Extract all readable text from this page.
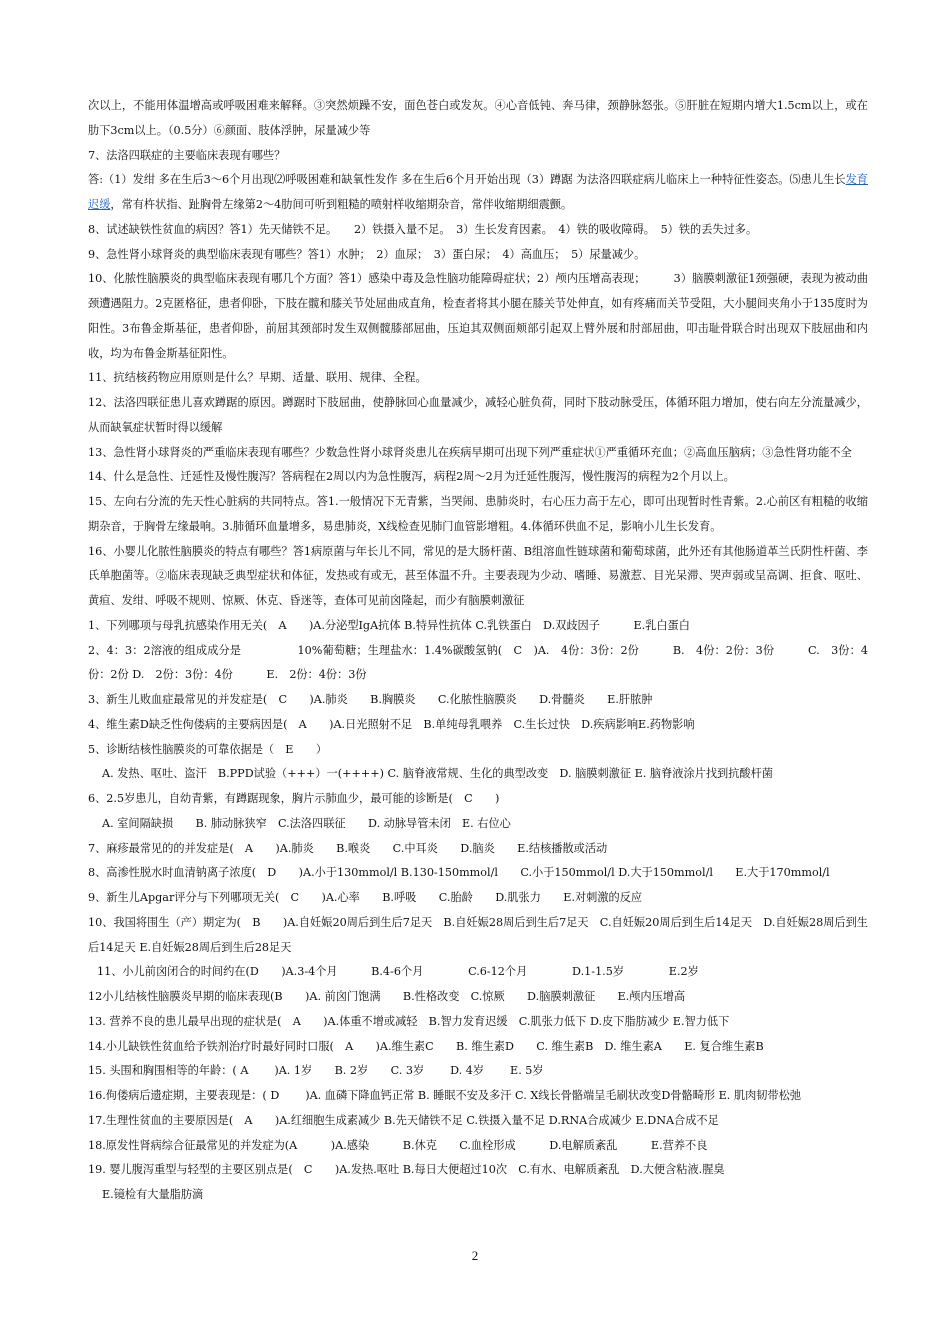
次以上，不能用体温增高或呼吸困难来解释。③突然烦躁不安，面色苍白或发灰。④心音低钝、奔马律，颈静脉怒张。⑤肝脏在短期内增大1.5cm以上，或在肋下3cm以上。（0.5分）⑥颜面、肢体浮肿，尿量减少等

7、法洛四联症的主要临床表现有哪些？

答:（1）发绀 多在生后3～6个月出现⑵呼吸困难和缺氧性发作 多在生后6个月开始出现（3）蹲踞 为法洛四联症病儿临床上一种特征性姿态。⑸患儿生长发育迟缓，常有杵状指、趾胸骨左缘第2～4肋间可听到粗糙的喷射样收缩期杂音，常伴收缩期细震颤。

8、试述缺铁性贫血的病因？答1）先天储铁不足。　　2）铁摄入量不足。　3）生长发育因素。　4）铁的吸收障碍。　5）铁的丢失过多。

9、急性肾小球肾炎的典型临床表现有哪些？答1）水肿；　2）血尿；　3）蛋白尿；　4）高血压；　5）尿量减少。

10、化脓性脑膜炎的典型临床表现有哪几个方面？答1）感染中毒及急性脑功能障碍症状；2）颅内压增高表现；　　　3）脑膜刺激征1颈强硬，表现为被动曲颈遭遇阻力。2克匿格征，患者仰卧，下肢在髋和膝关节处屈曲成直角，检查者将其小腿在膝关节处伸直，如有疼痛而关节受阻，大小腿间夹角小于135度时为阳性。3布鲁金斯基征，患者仰卧，前屈其颈部时发生双侧髋膝部屈曲，压迫其双侧面颊部引起双上臂外展和肘部屈曲，叩击耻骨联合时出现双下肢屈曲和内收，均为布鲁金斯基征阳性。

11、抗结核药物应用原则是什么？早期、适量、联用、规律、全程。

12、法洛四联征患儿喜欢蹲踞的原因。蹲踞时下肢屈曲，使静脉回心血量减少，减轻心脏负荷，同时下肢动脉受压，体循环阻力增加，使右向左分流量减少，从而缺氧症状暂时得以缓解

13、急性肾小球肾炎的严重临床表现有哪些？少数急性肾小球肾炎患儿在疾病早期可出现下列严重症状①严重循环充血；②高血压脑病；③急性肾功能不全

14、什么是急性、迁延性及慢性腹泻？答病程在2周以内为急性腹泻，病程2周～2月为迁延性腹泻，慢性腹泻的病程为2个月以上。

15、左向右分流的先天性心脏病的共同特点。答1.一般情况下无青紫，当哭闹、患肺炎时，右心压力高于左心，即可出现暂时性青紫。2.心前区有粗糙的收缩期杂音，于胸骨左缘最响。3.肺循环血量增多，易患肺炎，X线检查见肺门血管影增粗。4.体循环供血不足，影响小儿生长发育。

16、小婴儿化脓性脑膜炎的特点有哪些？答1病原菌与年长儿不同，常见的是大肠杆菌、B组溶血性链球菌和葡萄球菌，此外还有其他肠道革兰氏阴性杆菌、李氏单胞菌等。②临床表现缺乏典型症状和体征，发热或有或无，甚至体温不升。主要表现为少动、嗜睡、易激惹、目光呆滞、哭声弱或呈高调、拒食、呕吐、黄疸、发绀、呼吸不规则、惊厥、休克、昏迷等，查体可见前囟隆起，而少有脑膜刺激征

1、下列哪项与母乳抗感染作用无关(　A　　)A.分泌型IgA抗体 B.特异性抗体 C.乳铁蛋白　D.双歧因子　　　E.乳白蛋白

2、4：3：2溶液的组成成分是　　　　　10%葡萄糖；生理盐水：1.4%碳酸氢钠(　C　)A.　4份：3份：2份　　　B.　4份：2份：3份　　　C.　3份：4份：2份 D.　2份：3份：4份　　　E.　2份：4份：3份

3、新生儿败血症最常见的并发症是(　C　　)A.肺炎　　B.胸膜炎　　C.化脓性脑膜炎　　D.骨髓炎　　E.肝脓肿

4、维生素D缺乏性佝偻病的主要病因是(　A　　)A.日光照射不足　B.单纯母乳喂养　C.生长过快　D.疾病影响E.药物影响

5、诊断结核性脑膜炎的可靠依据是（　E　　）

A. 发热、呕吐、盗汗　B.PPD试验（+++）一(++++) C. 脑脊液常规、生化的典型改变　D. 脑膜刺激征 E. 脑脊液涂片找到抗酸杆菌

6、2.5岁患儿，自幼青紫，有蹲踞现象，胸片示肺血少，最可能的诊断是(　C　　)

A. 室间隔缺损　　B. 肺动脉狭窄　C.法洛四联征　　D. 动脉导管未闭　E. 右位心

7、麻疹最常见的的并发症是(　A　　)A.肺炎　　B.喉炎　　C.中耳炎　　D.脑炎　　E.结核播散或活动

8、高渗性脱水时血清钠离子浓度(　D　　)A.小于130mmol/l B.130-150mmol/l　　C.小于150mmol/l D.大于150mmol/l　　E.大于170mmol/l

9、新生儿Apgar评分与下列哪项无关(　C　　)A.心率　　B.呼吸　　C.胎龄　　D.肌张力　　E.对刺激的反应

10、我国将围生（产）期定为(　B　　)A.自妊娠20周后到生后7足天　B.自妊娠28周后到生后7足天　C.自妊娠20周后到生后14足天　D.自妊娠28周后到生后14足天 E.自妊娠28周后到生后28足天

11、小儿前囟闭合的时间约在(D　　)A.3-4个月　　　B.4-6个月　　　　C.6-12个月　　　　D.1-1.5岁　　　　E.2岁

12小儿结核性脑膜炎早期的临床表现(B　　)A. 前囟门饱满　　B.性格改变　C.惊厥　　D.脑膜刺激征　　E.颅内压增高

13. 营养不良的患儿最早出现的症状是(　A　　)A.体重不增或减轻　B.智力发育迟缓　C.肌张力低下 D.皮下脂肪减少 E.智力低下

14.小儿缺铁性贫血给予铁剂治疗时最好同时口服(　A　　)A.维生素C　　B. 维生素D　　C. 维生素B　D. 维生素A　　E. 复合维生素B

15. 头围和胸围相等的年龄：( A　　 )A. 1岁　　B. 2岁　　C. 3岁　　 D. 4岁　　 E. 5岁

16.佝偻病后遗症期，主要表现是：( D　　 )A. 血磷下降血钙正常 B. 睡眠不安及多汗 C. X线长骨骼端呈毛刷状改变D骨骼畸形 E. 肌肉韧带松弛

17.生理性贫血的主要原因是(　A　　)A.红细胞生成素减少 B.先天储铁不足 C.铁摄入量不足 D.RNA合成减少 E.DNA合成不足

18.原发性肾病综合征最常见的并发症为(A　　　)A.感染　　　B.休克　　C.血栓形成　　　D.电解质紊乱　　　E.营养不良

19. 婴儿腹泻重型与轻型的主要区别点是(　C　　)A.发热.呕吐 B.每日大便超过10次　C.有水、电解质紊乱　D.大便含粘液.腥臭

E.镜检有大量脂肪滴

2
